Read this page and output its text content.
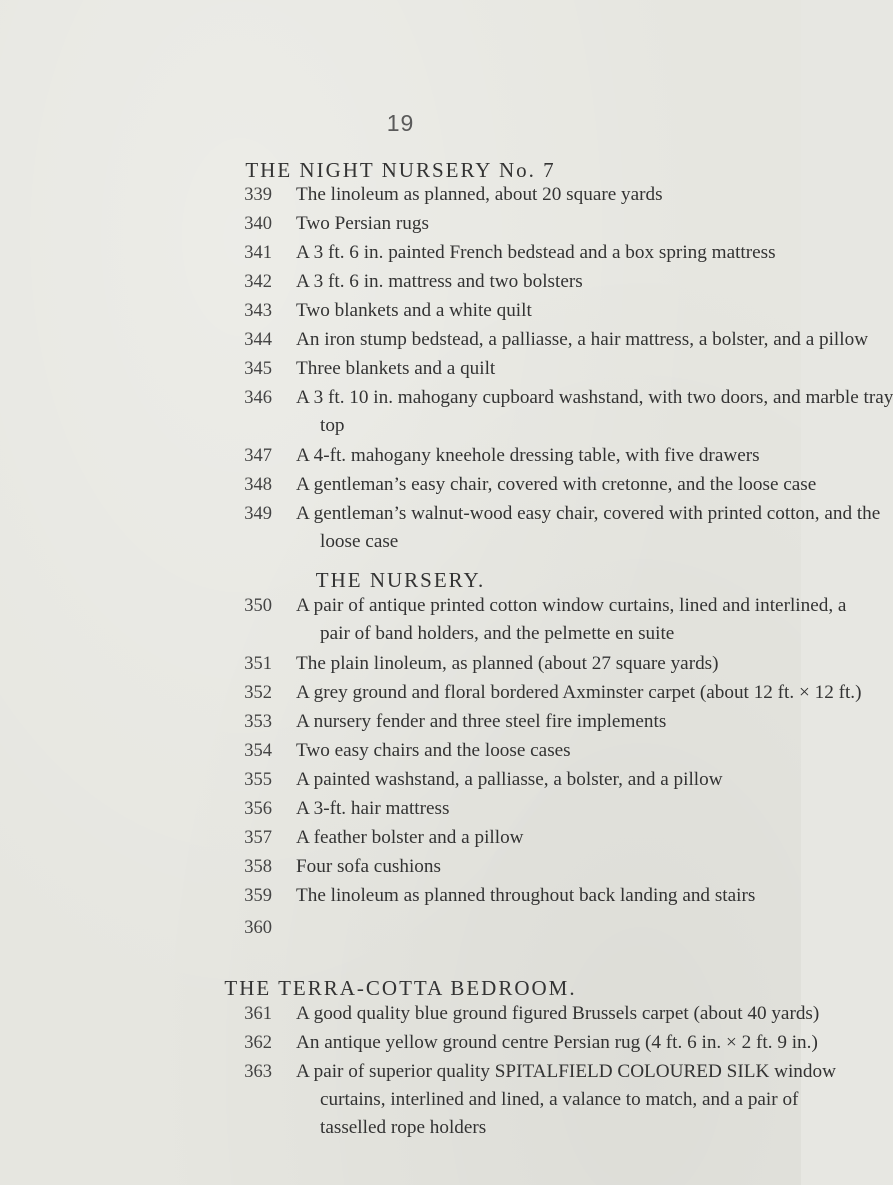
19
THE NIGHT NURSERY No. 7
339 The linoleum as planned, about 20 square yards
340 Two Persian rugs
341 A 3 ft. 6 in. painted French bedstead and a box spring mattress
342 A 3 ft. 6 in. mattress and two bolsters
343 Two blankets and a white quilt
344 An iron stump bedstead, a palliasse, a hair mattress, a bolster, and a pillow
345 Three blankets and a quilt
346 A 3 ft. 10 in. mahogany cupboard washstand, with two doors, and marble tray
top
347 A 4-ft. mahogany kneehole dressing table, with five drawers
348 A gentleman’s easy chair, covered with cretonne, and the loose case
349 A gentleman’s walnut-wood easy chair, covered with printed cotton, and the
loose case
THE NURSERY.
350 A pair of antique printed cotton window curtains, lined and interlined, a
pair of band holders, and the pelmette en suite
351 The plain linoleum, as planned (about 27 square yards)
352 A grey ground and floral bordered Axminster carpet (about 12 ft. × 12 ft.)
353 A nursery fender and three steel fire implements
354 Two easy chairs and the loose cases
355 A painted washstand, a palliasse, a bolster, and a pillow
356 A 3-ft. hair mattress
357 A feather bolster and a pillow
358 Four sofa cushions
359 The linoleum as planned throughout back landing and stairs
360
THE TERRA-COTTA BEDROOM.
361 A good quality blue ground figured Brussels carpet (about 40 yards)
362 An antique yellow ground centre Persian rug (4 ft. 6 in. × 2 ft. 9 in.)
363 A pair of superior quality SPITALFIELD COLOURED SILK window
curtains, interlined and lined, a valance to match, and a pair of
tasselled rope holders
